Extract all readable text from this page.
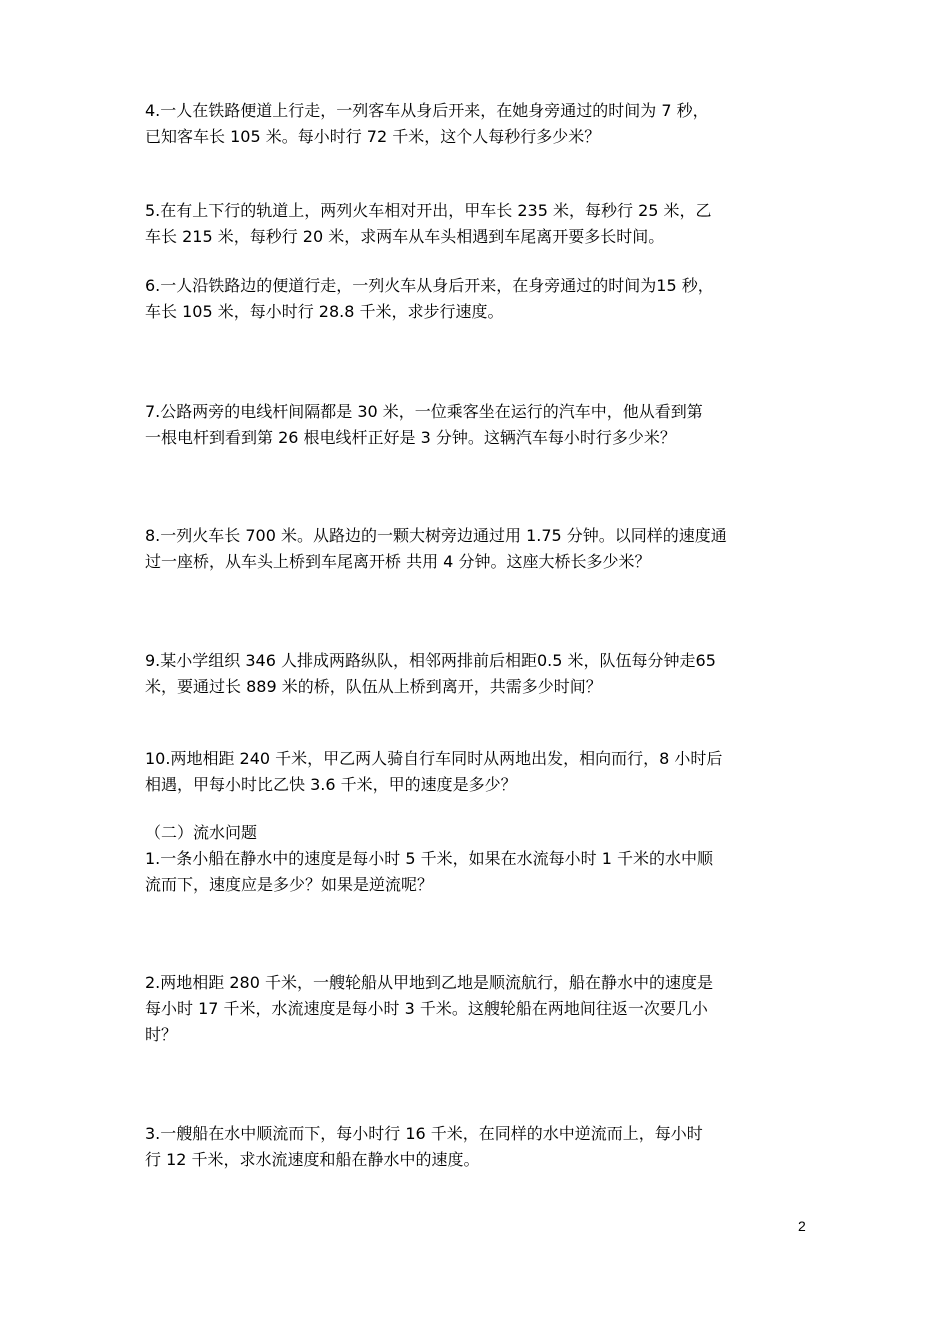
4.一人在铁路便道上行走，一列客车从身后开来，在她身旁通过的时间为 7 秒，
已知客车长 105 米。每小时行 72 千米，这个人每秒行多少米？
5.在有上下行的轨道上，两列火车相对开出，甲车长 235 米，每秒行 25 米，乙
车长 215 米，每秒行 20 米，求两车从车头相遇到车尾离开要多长时间。
6.一人沿铁路边的便道行走，一列火车从身后开来，在身旁通过的时间为15 秒，
车长 105 米，每小时行 28.8 千米，求步行速度。
7.公路两旁的电线杆间隔都是 30 米，一位乘客坐在运行的汽车中，他从看到第
一根电杆到看到第 26 根电线杆正好是 3 分钟。这辆汽车每小时行多少米？
8.一列火车长 700 米。从路边的一颗大树旁边通过用 1.75 分钟。以同样的速度通
过一座桥，从车头上桥到车尾离开桥 共用 4 分钟。这座大桥长多少米？
9.某小学组织 346 人排成两路纵队，相邻两排前后相距0.5 米，队伍每分钟走65
米，要通过长 889 米的桥，队伍从上桥到离开，共需多少时间？
10.两地相距 240 千米，甲乙两人骑自行车同时从两地出发，相向而行，8 小时后
相遇，甲每小时比乙快 3.6 千米，甲的速度是多少？
（二）流水问题
1.一条小船在静水中的速度是每小时 5 千米，如果在水流每小时 1 千米的水中顺
流而下，速度应是多少？如果是逆流呢？
2.两地相距 280 千米，一艘轮船从甲地到乙地是顺流航行，船在静水中的速度是
每小时 17 千米，水流速度是每小时 3 千米。这艘轮船在两地间往返一次要几小
时？
3.一艘船在水中顺流而下，每小时行 16 千米，在同样的水中逆流而上，每小时
行 12 千米，求水流速度和船在静水中的速度。
2
